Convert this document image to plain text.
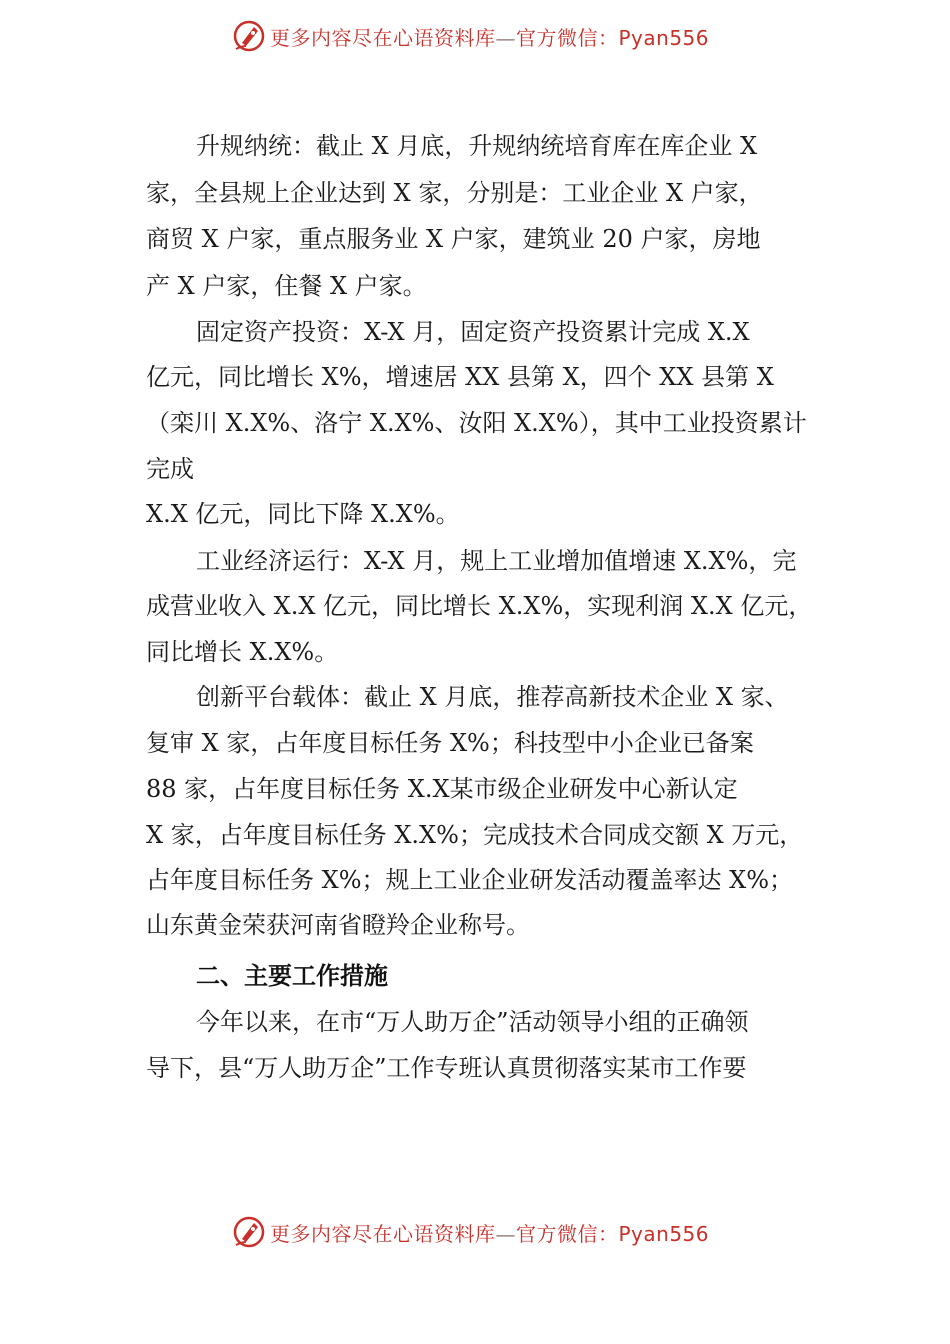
更多内容尽在心语资料库—官方微信：Pyan556
升规纳统：截止 X 月底，升规纳统培育库在库企业 X
家，全县规上企业达到 X 家，分别是：工业企业 X 户家，
商贸 X 户家，重点服务业 X 户家，建筑业 20 户家，房地
产 X 户家，住餐 X 户家。
固定资产投资：X-X 月，固定资产投资累计完成 X.X
亿元，同比增长 X%，增速居 XX 县第 X，四个 XX 县第 X
（栾川 X.X%、洛宁 X.X%、汝阳 X.X%），其中工业投资累计
完成
X.X 亿元，同比下降 X.X%。
工业经济运行：X-X 月，规上工业增加值增速 X.X%，完
成营业收入 X.X 亿元，同比增长 X.X%，实现利润 X.X 亿元，
同比增长 X.X%。
创新平台载体：截止 X 月底，推荐高新技术企业 X 家、
复审 X 家，占年度目标任务 X%；科技型中小企业已备案
88 家，占年度目标任务 X.X某市级企业研发中心新认定
X 家，占年度目标任务 X.X%；完成技术合同成交额 X 万元，
占年度目标任务 X%；规上工业企业研发活动覆盖率达 X%；
山东黄金荣获河南省瞪羚企业称号。
二、主要工作措施
今年以来，在市“万人助万企”活动领导小组的正确领
导下，县“万人助万企”工作专班认真贯彻落实某市工作要
更多内容尽在心语资料库—官方微信：Pyan556
